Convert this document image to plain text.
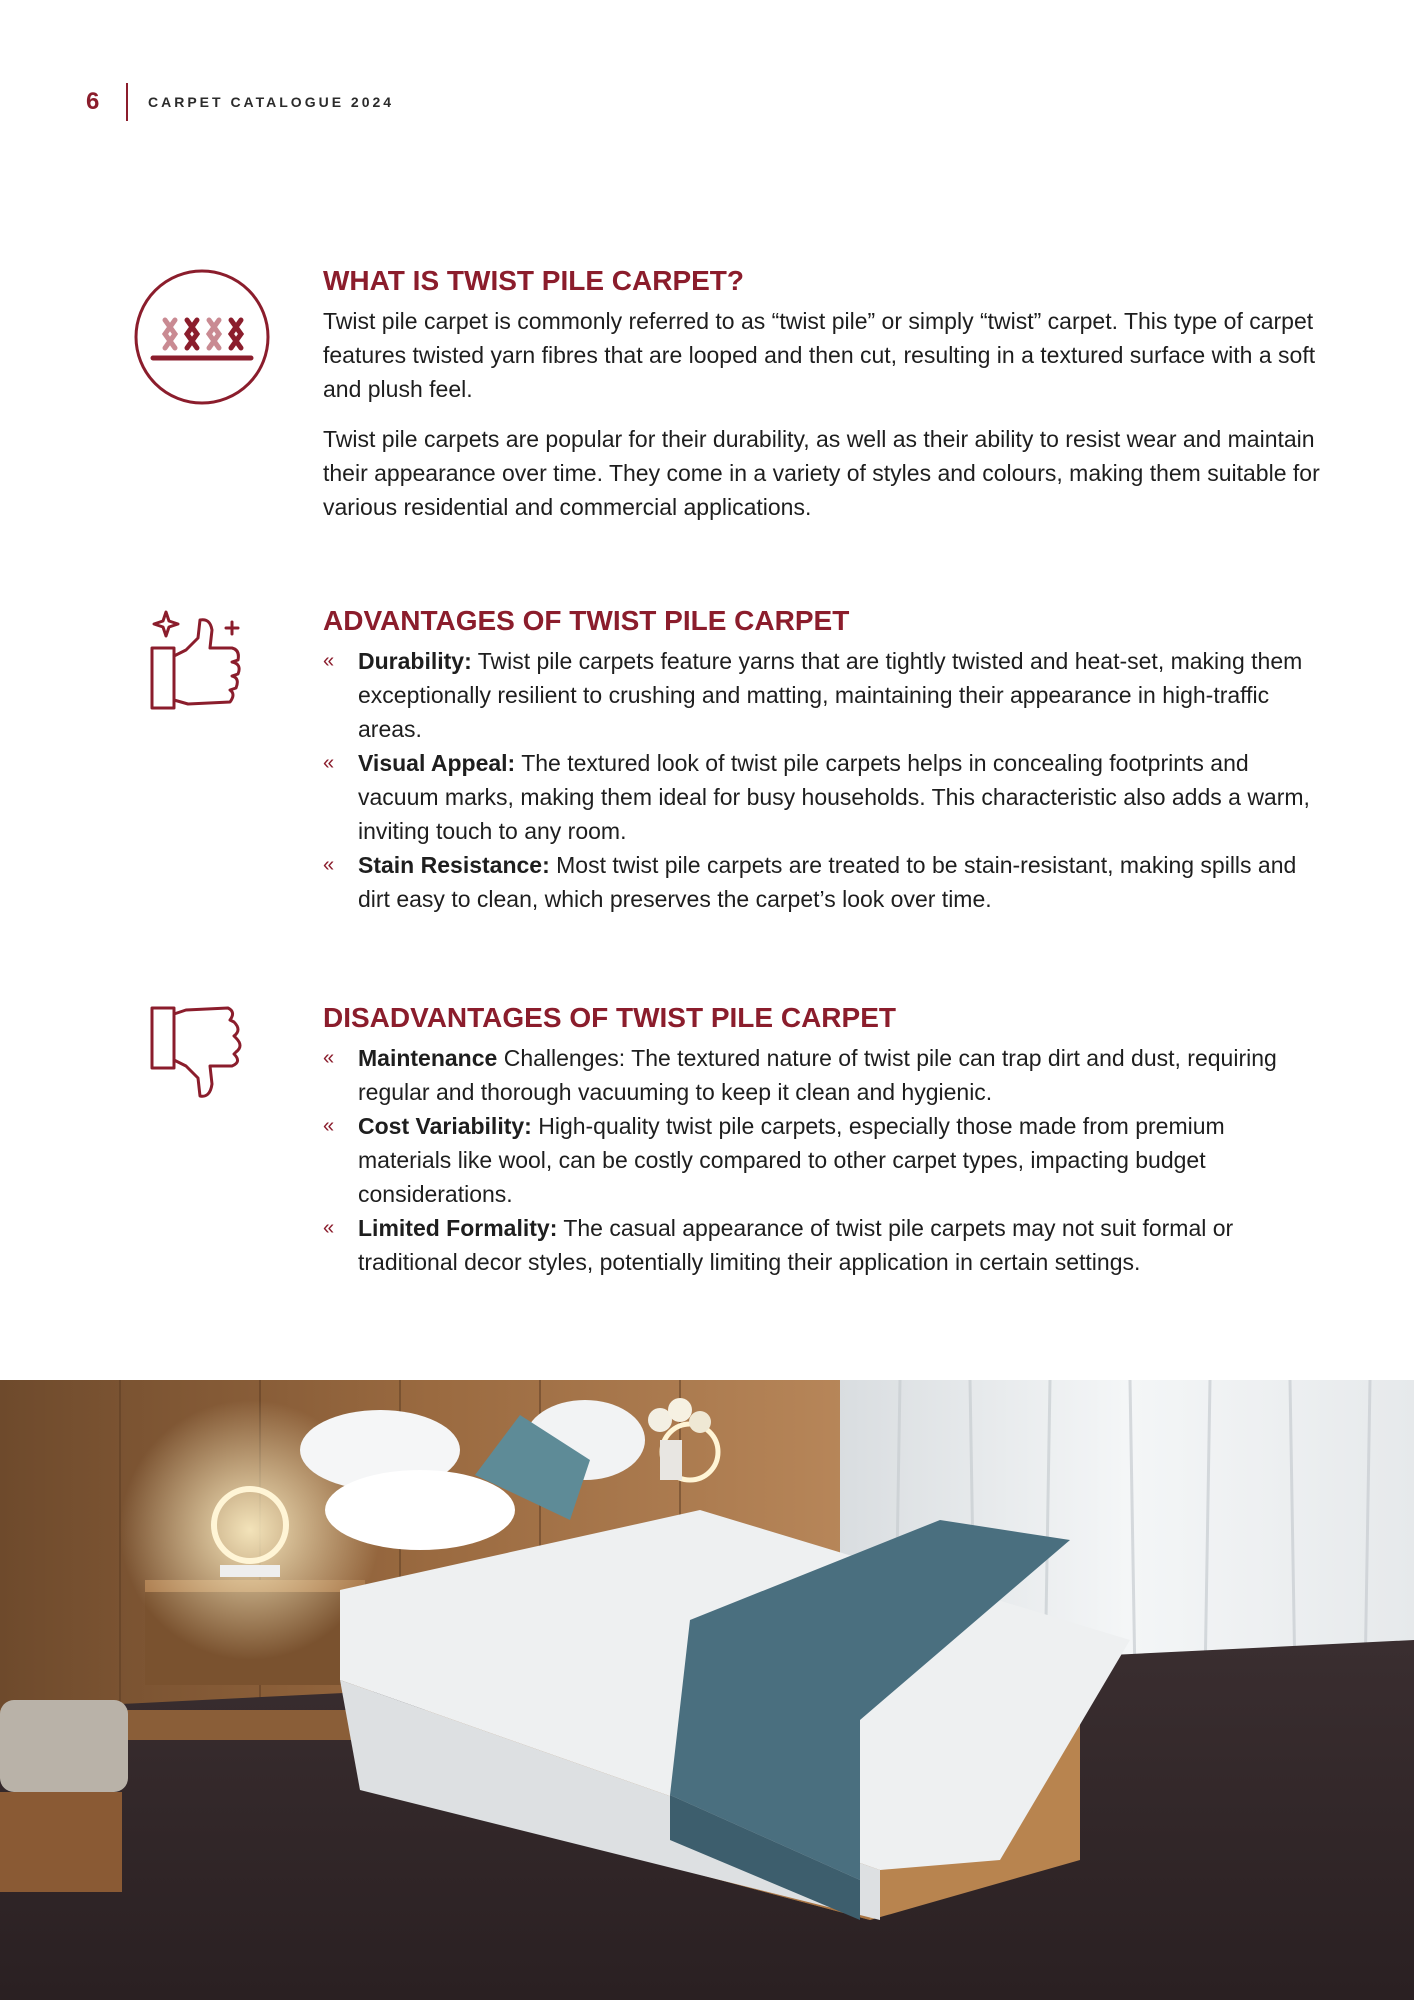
6	CARPET CATALOGUE 2024
WHAT IS TWIST PILE CARPET?

Twist pile carpet is commonly referred to as “twist pile” or simply “twist” carpet. This type of carpet features twisted yarn fibres that are looped and then cut, resulting in a textured surface with a soft and plush feel.

Twist pile carpets are popular for their durability, as well as their ability to resist wear and maintain their appearance over time. They come in a variety of styles and colours, making them suitable for various residential and commercial applications.

ADVANTAGES OF TWIST PILE CARPET
« Durability: Twist pile carpets feature yarns that are tightly twisted and heat-set, making them exceptionally resilient to crushing and matting, maintaining their appearance in high-traffic areas.
« Visual Appeal: The textured look of twist pile carpets helps in concealing footprints and vacuum marks, making them ideal for busy households. This characteristic also adds a warm, inviting touch to any room.
« Stain Resistance: Most twist pile carpets are treated to be stain-resistant, making spills and dirt easy to clean, which preserves the carpet’s look over time.
DISADVANTAGES OF TWIST PILE CARPET
« Maintenance Challenges: The textured nature of twist pile can trap dirt and dust, requiring regular and thorough vacuuming to keep it clean and hygienic.
« Cost Variability: High-quality twist pile carpets, especially those made from premium materials like wool, can be costly compared to other carpet types, impacting budget considerations.
« Limited Formality: The casual appearance of twist pile carpets may not suit formal or traditional decor styles, potentially limiting their application in certain settings.
